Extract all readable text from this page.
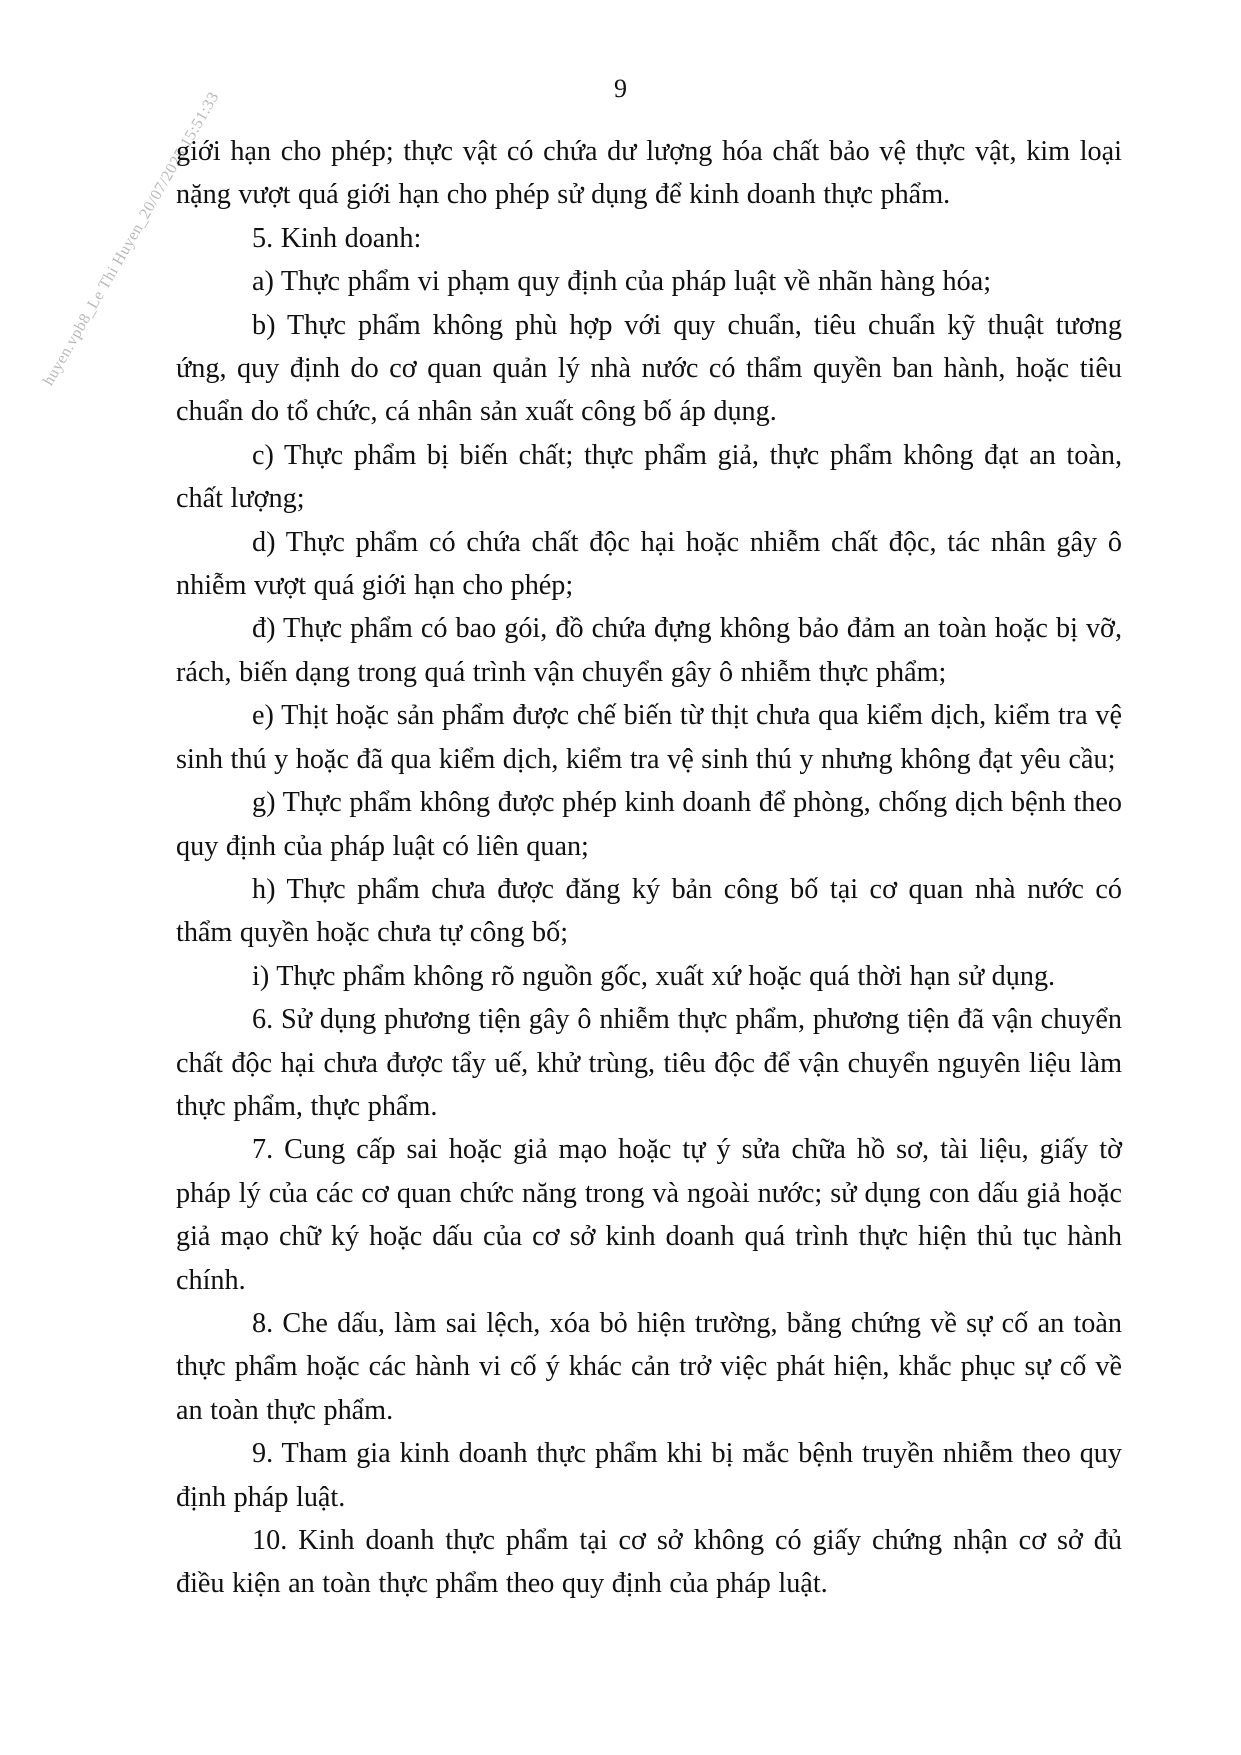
9
huyen.vpb8_Le Thi Huyen_20/07/2025 15:51:33

giới hạn cho phép; thực vật có chứa dư lượng hóa chất bảo vệ thực vật, kim loại nặng vượt quá giới hạn cho phép sử dụng để kinh doanh thực phẩm.

5. Kinh doanh:

a) Thực phẩm vi phạm quy định của pháp luật về nhãn hàng hóa;

b) Thực phẩm không phù hợp với quy chuẩn, tiêu chuẩn kỹ thuật tương ứng, quy định do cơ quan quản lý nhà nước có thẩm quyền ban hành, hoặc tiêu chuẩn do tổ chức, cá nhân sản xuất công bố áp dụng.

c) Thực phẩm bị biến chất; thực phẩm giả, thực phẩm không đạt an toàn, chất lượng;

d) Thực phẩm có chứa chất độc hại hoặc nhiễm chất độc, tác nhân gây ô nhiễm vượt quá giới hạn cho phép;

đ) Thực phẩm có bao gói, đồ chứa đựng không bảo đảm an toàn hoặc bị vỡ, rách, biến dạng trong quá trình vận chuyển gây ô nhiễm thực phẩm;

e) Thịt hoặc sản phẩm được chế biến từ thịt chưa qua kiểm dịch, kiểm tra vệ sinh thú y hoặc đã qua kiểm dịch, kiểm tra vệ sinh thú y nhưng không đạt yêu cầu;

g) Thực phẩm không được phép kinh doanh để phòng, chống dịch bệnh theo quy định của pháp luật có liên quan;

h) Thực phẩm chưa được đăng ký bản công bố tại cơ quan nhà nước có thẩm quyền hoặc chưa tự công bố;

i) Thực phẩm không rõ nguồn gốc, xuất xứ hoặc quá thời hạn sử dụng.

6. Sử dụng phương tiện gây ô nhiễm thực phẩm, phương tiện đã vận chuyển chất độc hại chưa được tẩy uế, khử trùng, tiêu độc để vận chuyển nguyên liệu làm thực phẩm, thực phẩm.

7. Cung cấp sai hoặc giả mạo hoặc tự ý sửa chữa hồ sơ, tài liệu, giấy tờ pháp lý của các cơ quan chức năng trong và ngoài nước; sử dụng con dấu giả hoặc giả mạo chữ ký hoặc dấu của cơ sở kinh doanh quá trình thực hiện thủ tục hành chính.

8. Che dấu, làm sai lệch, xóa bỏ hiện trường, bằng chứng về sự cố an toàn thực phẩm hoặc các hành vi cố ý khác cản trở việc phát hiện, khắc phục sự cố về an toàn thực phẩm.

9. Tham gia kinh doanh thực phẩm khi bị mắc bệnh truyền nhiễm theo quy định pháp luật.

10. Kinh doanh thực phẩm tại cơ sở không có giấy chứng nhận cơ sở đủ điều kiện an toàn thực phẩm theo quy định của pháp luật.
